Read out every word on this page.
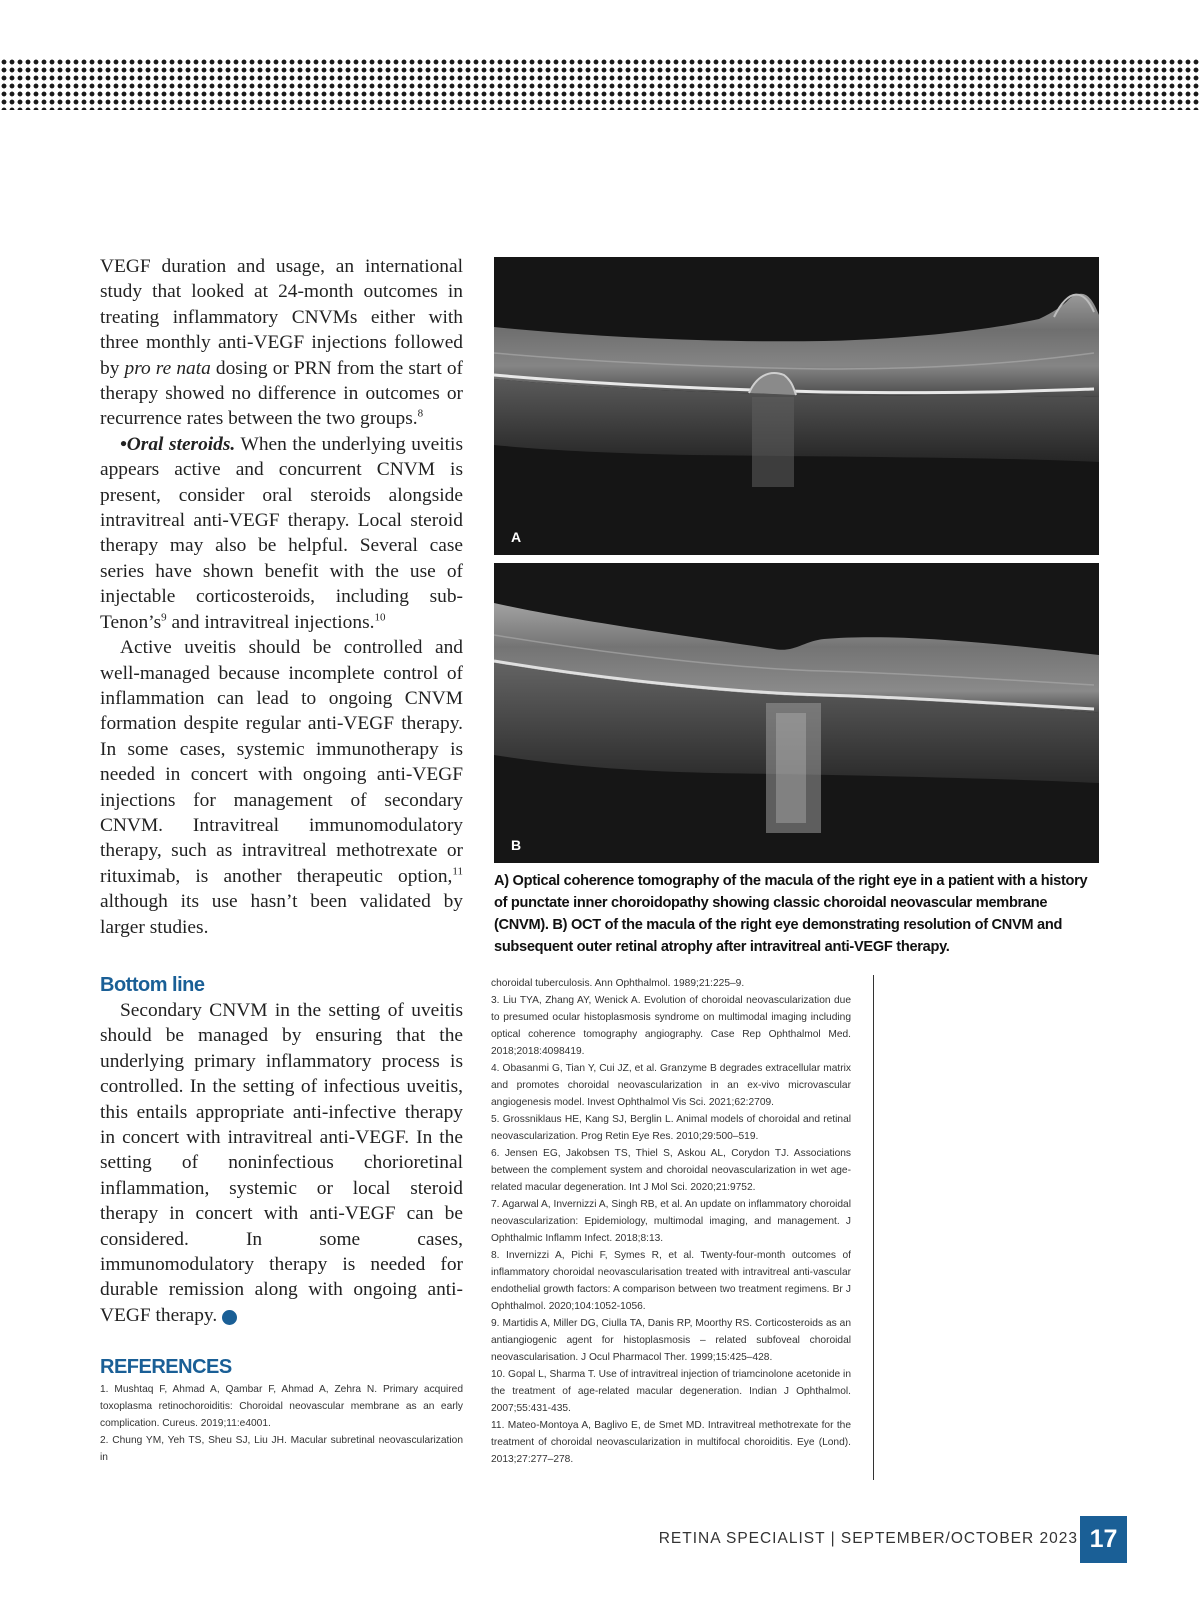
VEGF duration and usage, an international study that looked at 24-month outcomes in treating inflammatory CNVMs either with three monthly anti-VEGF injections followed by pro re nata dosing or PRN from the start of therapy showed no difference in outcomes or recurrence rates between the two groups.$^8$

•Oral steroids. When the underlying uveitis appears active and concurrent CNVM is present, consider oral steroids alongside intravitreal anti-VEGF therapy. Local steroid therapy may also be helpful. Several case series have shown benefit with the use of injectable corticosteroids, including sub-$Tenon’s^9$ and intravitreal injections.$^{10}$

Active uveitis should be controlled and well-managed because incomplete control of inflammation can lead to ongoing CNVM formation despite regular anti-VEGF therapy. In some cases, systemic immunotherapy is needed in concert with ongoing anti-VEGF injections for management of secondary CNVM. Intravitreal immunomodulatory therapy, such as intravitreal methotrexate or rituximab, is another therapeutic option,$^{11}$ although its use hasn’t been validated by larger studies.

Bottom line

Secondary CNVM in the setting of uveitis should be managed by ensuring that the underlying primary inflammatory process is controlled. In the setting of infectious uveitis, this entails appropriate anti-infective therapy in concert with intravitreal anti-VEGF. In the setting of noninfectious chorioretinal inflammation, systemic or local steroid therapy in concert with anti-VEGF can be considered. In some cases, immunomodulatory therapy is needed for durable remission along with ongoing anti-VEGF therapy.	RS

REFERENCES
1. Mushtaq F, Ahmad A, Qambar F, Ahmad A, Zehra N. Primary acquired toxoplasma retinochoroiditis: Choroidal neovascular membrane as an early complication. Cureus. 2019;11:e4001.
2. Chung YM, Yeh TS, Sheu SJ, Liu JH. Macular subretinal neovascularization in
A
B
A) Optical coherence tomography of the macula of the right eye in a patient with a history of punctate inner choroidopathy showing classic choroidal neovascular membrane (CNVM). B) OCT of the macula of the right eye demonstrating resolution of CNVM and subsequent outer retinal atrophy after intravitreal anti-VEGF therapy.
choroidal tuberculosis. Ann Ophthalmol. 1989;21:225–9.
3. Liu TYA, Zhang AY, Wenick A. Evolution of choroidal neovascularization due to presumed ocular histoplasmosis syndrome on multimodal imaging including optical coherence tomography angiography. Case Rep Ophthalmol Med. 2018;2018:4098419.
4. Obasanmi G, Tian Y, Cui JZ, et al. Granzyme B degrades extracellular matrix and promotes choroidal neovascularization in an ex-vivo microvascular angiogenesis model. Invest Ophthalmol Vis Sci. 2021;62:2709.
5. Grossniklaus HE, Kang SJ, Berglin L. Animal models of choroidal and retinal neovascularization. Prog Retin Eye Res. 2010;29:500–519.
6. Jensen EG, Jakobsen TS, Thiel S, Askou AL, Corydon TJ. Associations between the complement system and choroidal neovascularization in wet age-related macular degeneration. Int J Mol Sci. 2020;21:9752.
7. Agarwal A, Invernizzi A, Singh RB, et al. An update on inflammatory choroidal neovascularization: Epidemiology, multimodal imaging, and management. J Ophthalmic Inflamm Infect. 2018;8:13.
8. Invernizzi A, Pichi F, Symes R, et al. Twenty-four-month outcomes of inflammatory choroidal neovascularisation treated with intravitreal anti-vascular endothelial growth factors: A comparison between two treatment regimens. Br J Ophthalmol. 2020;104:1052-1056.
9. Martidis A, Miller DG, Ciulla TA, Danis RP, Moorthy RS. Corticosteroids as an antiangiogenic agent for histoplasmosis – related subfoveal choroidal neovascularisation. J Ocul Pharmacol Ther. 1999;15:425–428.
10. Gopal L, Sharma T. Use of intravitreal injection of triamcinolone acetonide in the treatment of age-related macular degeneration. Indian J Ophthalmol. 2007;55:431-435.
11. Mateo-Montoya A, Baglivo E, de Smet MD. Intravitreal methotrexate for the treatment of choroidal neovascularization in multifocal choroiditis. Eye (Lond). 2013;27:277–278.
RETINA SPECIALIST | SEPTEMBER/OCTOBER 2023 17
